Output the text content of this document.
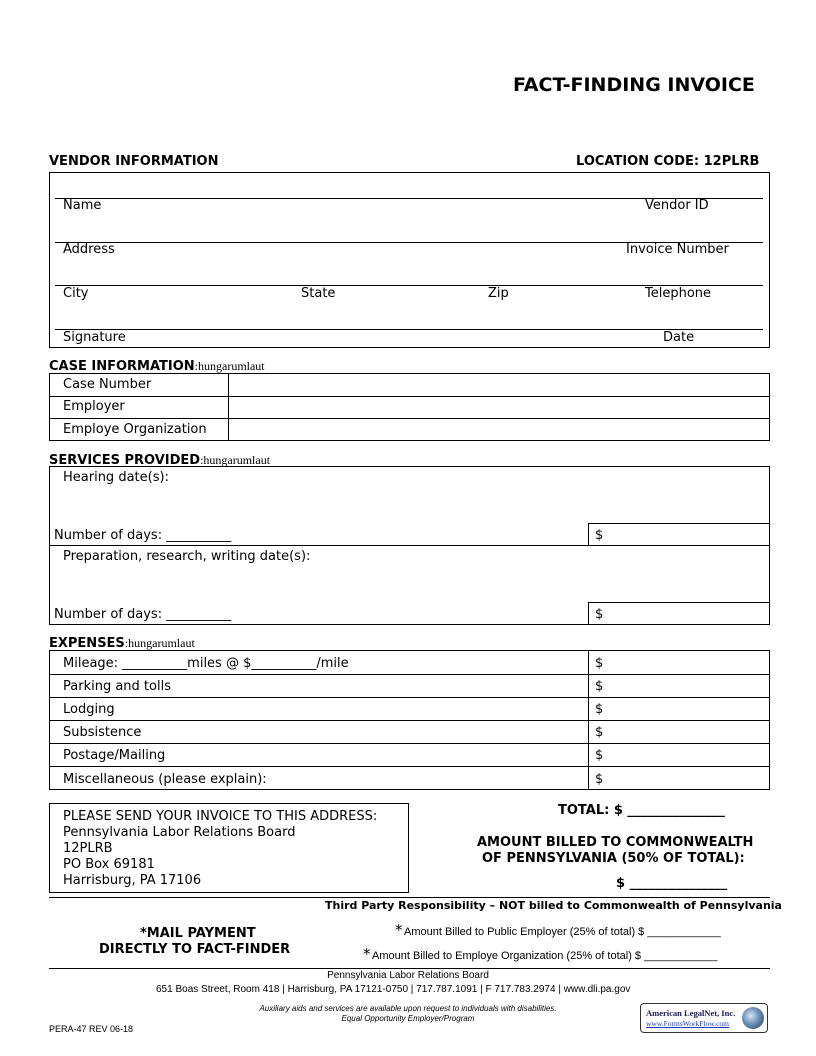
FACT-FINDING INVOICE
VENDOR INFORMATION	LOCATION CODE: 12PLRB
Name	Vendor ID
Address	Invoice Number
City	State	Zip	Telephone
Signature	Date
CASE INFORMATION:hungarumlaut
Case Number
Employer
Employe Organization
SERVICES PROVIDED:hungarumlaut
Hearing date(s):
Number of days: __________	$
Preparation, research, writing date(s):
Number of days: __________	$
EXPENSES:hungarumlaut
Mileage: __________miles @ $__________/mile	$
Parking and tolls	$
Lodging	$
Subsistence	$
Postage/Mailing	$
Miscellaneous (please explain):	$
PLEASE SEND YOUR INVOICE TO THIS ADDRESS:
Pennsylvania Labor Relations Board
12PLRB
PO Box 69181
Harrisburg, PA 17106
TOTAL: $ _______________
AMOUNT BILLED TO COMMONWEALTH
OF PENNSYLVANIA (50% OF TOTAL):
$ _______________
Third Party Responsibility – NOT billed to Commonwealth of Pennsylvania
*MAIL PAYMENT
DIRECTLY TO FACT-FINDER
* Amount Billed to Public Employer (25% of total) $ ____________
* Amount Billed to Employe Organization (25% of total) $ ____________
Pennsylvania Labor Relations Board
651 Boas Street, Room 418 | Harrisburg, PA 17121-0750 | 717.787.1091 | F 717.783.2974 | www.dli.pa.gov
Auxiliary aids and services are available upon request to individuals with disabilities.
Equal Opportunity Employer/Program
PERA-47 REV 06-18
American LegalNet, Inc.
www.FormsWorkFlow.com
